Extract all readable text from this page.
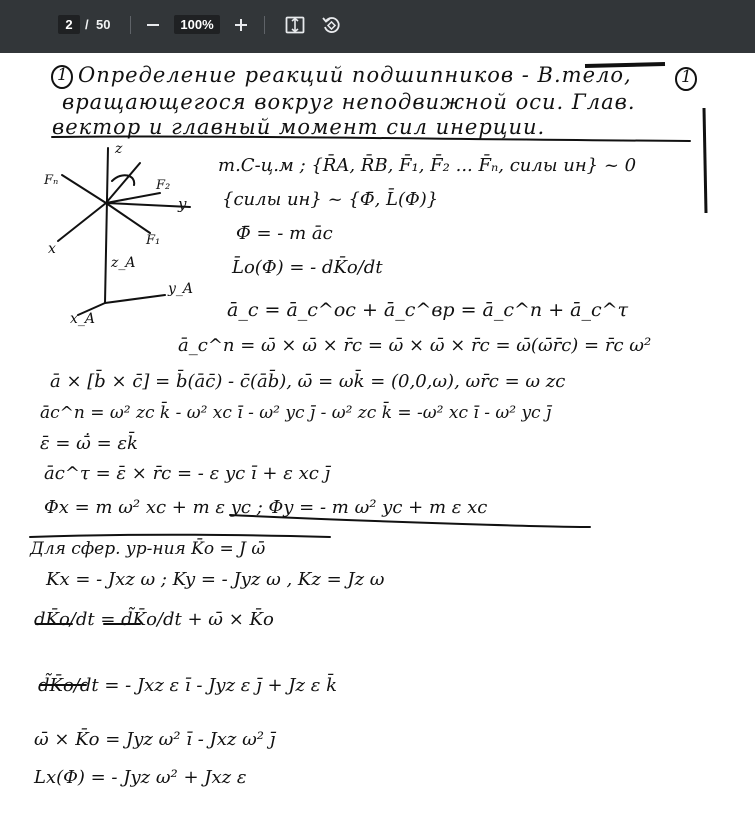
2
/ 50
100%
1	1
Определение реакций подшипников - В.тело,
вращающегося вокруг неподвижной оси. Глав.
вектор и главный момент сил инерции.
z
x
y
F₁
F₂
Fₙ
z_A
y_A
x_A
т.C-ц.м ; {R̄A, R̄B, F̄₁, F̄₂ ... F̄ₙ, силы ин} ~ 0
{силы ин} ~ {Φ̄, L̄(Φ)}
Φ̄ = - m āc
L̄o(Φ) = - dK̄o/dt
ā_c = ā_c^ос + ā_c^вр = ā_c^n + ā_c^τ
ā_c^n = ω̄ × ω̄ × r̄c = ω̄ × ω̄ × r̄c = ω̄(ω̄r̄c) = r̄c ω²
ā × [b̄ × c̄] = b̄(āc̄) - c̄(āb̄), ω̄ = ωk̄ = (0,0,ω), ωr̄c = ω zc
āc^n = ω² zc k̄ - ω² xc ī - ω² yc j̄ - ω² zc k̄ = -ω² xc ī - ω² yc j̄
ε̄ = ω̄̇ = εk̄
āc^τ = ε̄ × r̄c = - ε yc ī + ε xc j̄
Φx = m ω² xc + m ε yc ; Φy = - m ω² yc + m ε xc
Для сфер. ур-ния K̄o = J ω̄
Kx = - Jxz ω ; Ky = - Jyz ω , Kz = Jz ω
dK̄o/dt = d̃K̄o/dt + ω̄ × K̄o
d̃K̄o/dt = - Jxz ε ī - Jyz ε j̄ + Jz ε k̄
ω̄ × K̄o = Jyz ω² ī - Jxz ω² j̄
Lx(Φ) = - Jyz ω² + Jxz ε
